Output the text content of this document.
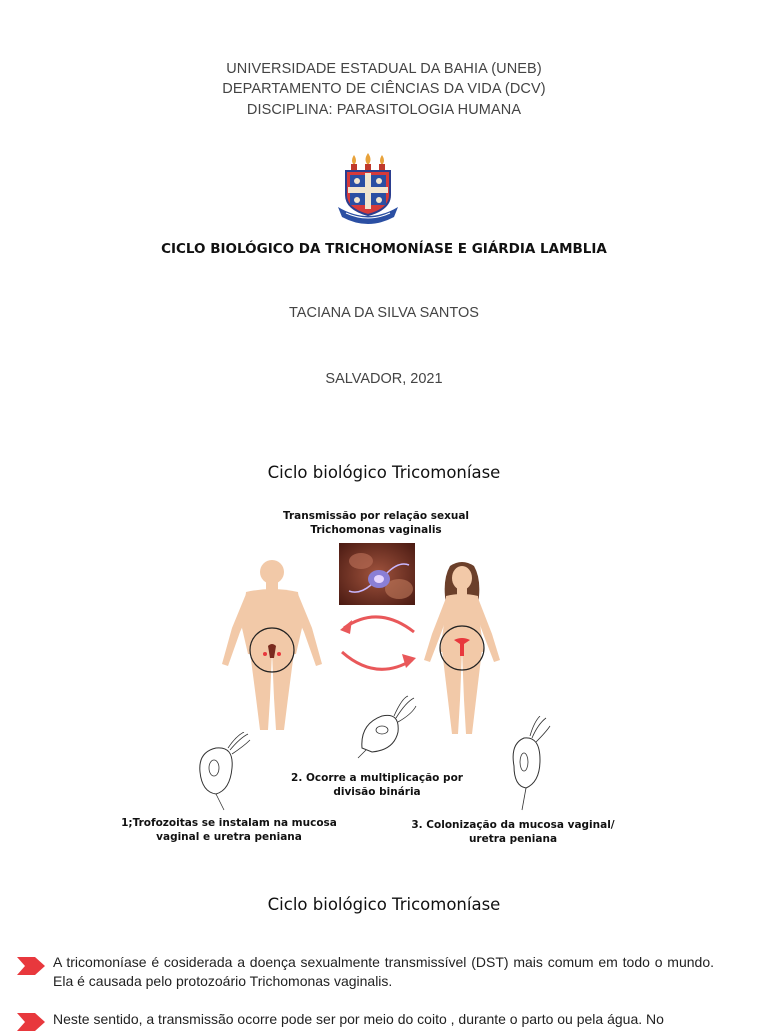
UNIVERSIDADE ESTADUAL DA BAHIA (UNEB)
DEPARTAMENTO DE CIÊNCIAS DA VIDA (DCV)
DISCIPLINA: PARASITOLOGIA HUMANA
CICLO BIOLÓGICO DA TRICHOMONÍASE E GIÁRDIA LAMBLIA
TACIANA DA SILVA SANTOS
SALVADOR, 2021
Ciclo biológico Tricomoníase
Transmissão por relação sexual
Trichomonas vaginalis
2. Ocorre a multiplicação por
divisão binária
1;Trofozoitas se instalam na mucosa
vaginal e uretra peniana
3. Colonização da mucosa vaginal/
uretra peniana
Ciclo biológico Tricomoníase
A tricomoníase é cosiderada a doença sexualmente transmissível (DST) mais comum em todo o mundo. Ela é causada pelo protozoário Trichomonas vaginalis.
Neste sentido, a transmissão ocorre pode ser por meio do coito , durante o parto ou pela água. No
